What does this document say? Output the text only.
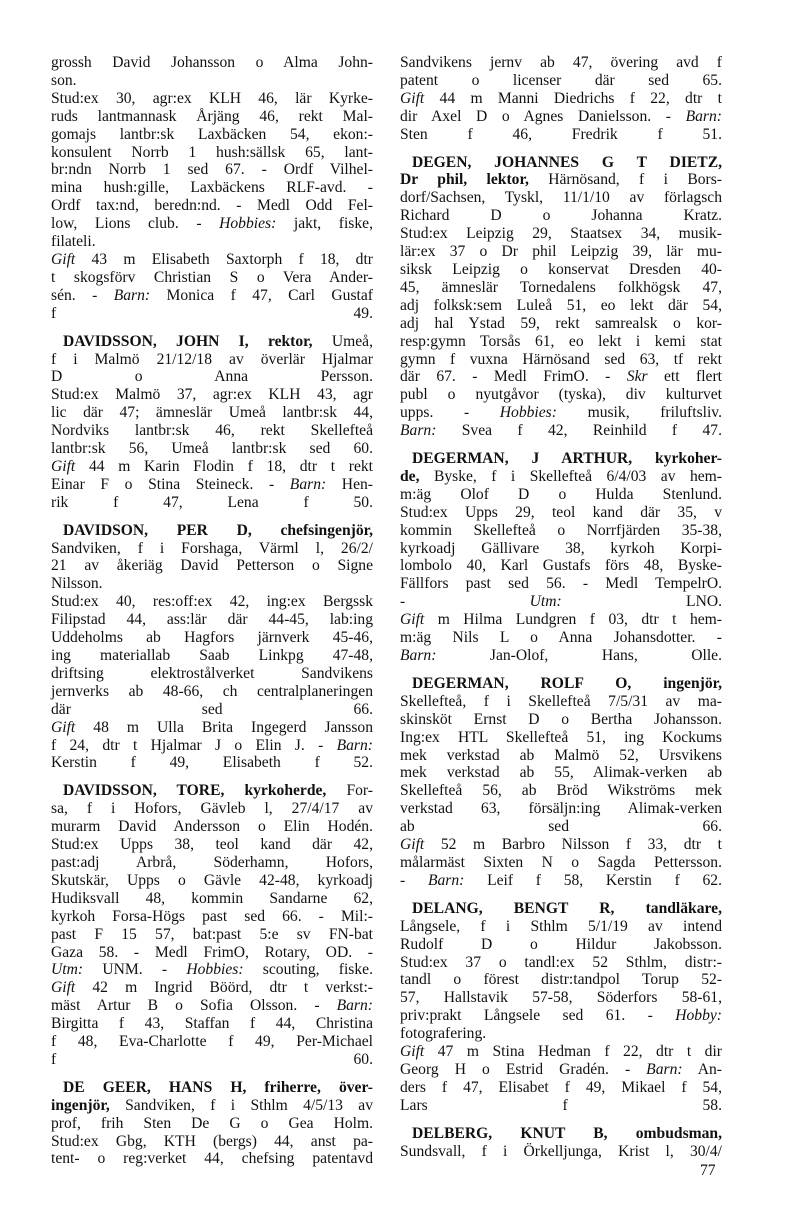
grossh David Johansson o Alma John-
son.
Stud:ex 30, agr:ex KLH 46, lär Kyrke-
ruds lantmannask Årjäng 46, rekt Mal-
gomajs lantbr:sk Laxbäcken 54, ekon:-
konsulent Norrb 1 hush:sällsk 65, lant-
br:ndn Norrb 1 sed 67. - Ordf Vilhel-
mina hush:gille, Laxbäckens RLF-avd. -
Ordf tax:nd, beredn:nd. - Medl Odd Fel-
low, Lions club. - Hobbies: jakt, fiske,
filateli.
Gift 43 m Elisabeth Saxtorph f 18, dtr
t skogsförv Christian S o Vera Ander-
sén. - Barn: Monica f 47, Carl Gustaf
f 49.
DAVIDSSON, JOHN I, rektor, Umeå,
f i Malmö 21/12/18 av överlär Hjalmar
D o Anna Persson.
Stud:ex Malmö 37, agr:ex KLH 43, agr
lic där 47; ämneslär Umeå lantbr:sk 44,
Nordviks lantbr:sk 46, rekt Skellefteå
lantbr:sk 56, Umeå lantbr:sk sed 60.
Gift 44 m Karin Flodin f 18, dtr t rekt
Einar F o Stina Steineck. - Barn: Hen-
rik f 47, Lena f 50.
DAVIDSON, PER D, chefsingenjör,
Sandviken, f i Forshaga, Värml l, 26/2/
21 av åkeriäg David Petterson o Signe
Nilsson.
Stud:ex 40, res:off:ex 42, ing:ex Bergssk
Filipstad 44, ass:lär där 44-45, lab:ing
Uddeholms ab Hagfors järnverk 45-46,
ing materiallab Saab Linkpg 47-48,
driftsing elektrostålverket Sandvikens
jernverks ab 48-66, ch centralplaneringen
där sed 66.
Gift 48 m Ulla Brita Ingegerd Jansson
f 24, dtr t Hjalmar J o Elin J. - Barn:
Kerstin f 49, Elisabeth f 52.
DAVIDSSON, TORE, kyrkoherde, For-
sa, f i Hofors, Gävleb l, 27/4/17 av
murarm David Andersson o Elin Hodén.
Stud:ex Upps 38, teol kand där 42,
past:adj Arbrå, Söderhamn, Hofors,
Skutskär, Upps o Gävle 42-48, kyrkoadj
Hudiksvall 48, kommin Sandarne 62,
kyrkoh Forsa-Högs past sed 66. - Mil:-
past F 15 57, bat:past 5:e sv FN-bat
Gaza 58. - Medl FrimO, Rotary, OD. -
Utm: UNM. - Hobbies: scouting, fiske.
Gift 42 m Ingrid Böörd, dtr t verkst:-
mäst Artur B o Sofia Olsson. - Barn:
Birgitta f 43, Staffan f 44, Christina
f 48, Eva-Charlotte f 49, Per-Michael
f 60.
DE GEER, HANS H, friherre, över-
ingenjör, Sandviken, f i Sthlm 4/5/13 av
prof, frih Sten De G o Gea Holm.
Stud:ex Gbg, KTH (bergs) 44, anst pa-
tent- o reg:verket 44, chefsing patentavd
Sandvikens jernv ab 47, övering avd f
patent o licenser där sed 65.
Gift 44 m Manni Diedrichs f 22, dtr t
dir Axel D o Agnes Danielsson. - Barn:
Sten f 46, Fredrik f 51.
DEGEN, JOHANNES G T DIETZ,
Dr phil, lektor, Härnösand, f i Bors-
dorf/Sachsen, Tyskl, 11/1/10 av förlagsch
Richard D o Johanna Kratz.
Stud:ex Leipzig 29, Staatsex 34, musik-
lär:ex 37 o Dr phil Leipzig 39, lär mu-
siksk Leipzig o konservat Dresden 40-
45, ämneslär Tornedalens folkhögsk 47,
adj folksk:sem Luleå 51, eo lekt där 54,
adj hal Ystad 59, rekt samrealsk o kor-
resp:gymn Torsås 61, eo lekt i kemi stat
gymn f vuxna Härnösand sed 63, tf rekt
där 67. - Medl FrimO. - Skr ett flert
publ o nyutgåvor (tyska), div kulturvet
upps. - Hobbies: musik, friluftsliv.
Barn: Svea f 42, Reinhild f 47.
DEGERMAN, J ARTHUR, kyrkoher-
de, Byske, f i Skellefteå 6/4/03 av hem-
m:äg Olof D o Hulda Stenlund.
Stud:ex Upps 29, teol kand där 35, v
kommin Skellefteå o Norrfjärden 35-38,
kyrkoadj Gällivare 38, kyrkoh Korpi-
lombolo 40, Karl Gustafs förs 48, Byske-
Fällfors past sed 56. - Medl TempelrO.
- Utm: LNO.
Gift m Hilma Lundgren f 03, dtr t hem-
m:äg Nils L o Anna Johansdotter. -
Barn: Jan-Olof, Hans, Olle.
DEGERMAN, ROLF O, ingenjör,
Skellefteå, f i Skellefteå 7/5/31 av ma-
skinsköt Ernst D o Bertha Johansson.
Ing:ex HTL Skellefteå 51, ing Kockums
mek verkstad ab Malmö 52, Ursvikens
mek verkstad ab 55, Alimak-verken ab
Skellefteå 56, ab Bröd Wikströms mek
verkstad 63, försäljn:ing Alimak-verken
ab sed 66.
Gift 52 m Barbro Nilsson f 33, dtr t
målarmäst Sixten N o Sagda Pettersson.
- Barn: Leif f 58, Kerstin f 62.
DELANG, BENGT R, tandläkare,
Långsele, f i Sthlm 5/1/19 av intend
Rudolf D o Hildur Jakobsson.
Stud:ex 37 o tandl:ex 52 Sthlm, distr:-
tandl o förest distr:tandpol Torup 52-
57, Hallstavik 57-58, Söderfors 58-61,
priv:prakt Långsele sed 61. - Hobby:
fotografering.
Gift 47 m Stina Hedman f 22, dtr t dir
Georg H o Estrid Gradén. - Barn: An-
ders f 47, Elisabet f 49, Mikael f 54,
Lars f 58.
DELBERG, KNUT B, ombudsman,
Sundsvall, f i Örkelljunga, Krist l, 30/4/
77
